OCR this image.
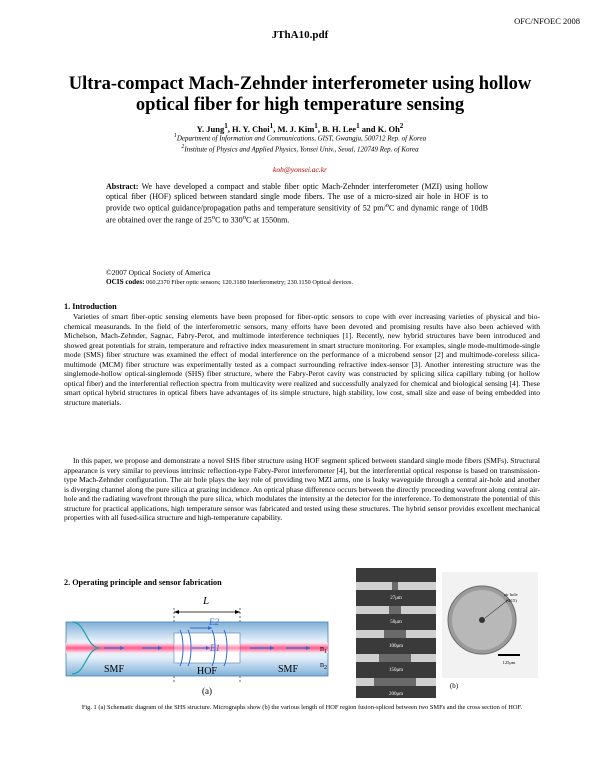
OFC/NFOEC 2008
JThA10.pdf
Ultra-compact Mach-Zehnder interferometer using hollow
optical fiber for high temperature sensing
Y. Jung$^1$, H. Y. Choi$^1$, M. J. Kim$^1$, B. H. Lee$^1$ and K. Oh$^2$
$^1$Department of Information and Communications, GIST, Gwangju, 500712 Rep. of Korea
$^2$Institute of Physics and Applied Physics, Yonsei Univ., Seoul, 120749 Rep. of Korea
koh@yonsei.ac.kr
Abstract: We have developed a compact and stable fiber optic Mach-Zehnder interferometer (MZI) using hollow optical fiber (HOF) spliced between standard single mode fibers. The use of a micro-sized air hole in HOF is to provide two optical guidance/propagation paths and temperature sensitivity of 52 pm/$^o$C and dynamic range of 10dB are obtained over the range of 25$^o$C to 330$^o$C at 1550nm.
©2007 Optical Society of America
OCIS codes: 060.2370 Fiber optic sensors; 120.3180 Interferometry; 230.1150 Optical devices.
1. Introduction

Varieties of smart fiber-optic sensing elements have been proposed for fiber-optic sensors to cope with ever increasing varieties of physical and bio-chemical measurands. In the field of the interferometric sensors, many efforts have been devoted and promising results have also been achieved with Michelson, Mach-Zehnder, Sagnac, Fabry-Perot, and multimode interference techniques [1]. Recently, new hybrid structures have been introduced and showed great potentials for strain, temperature and refractive index measurement in smart structure monitoring. For examples, single mode-multimode-single mode (SMS) fiber structure was examined the effect of modal interference on the performance of a microbend sensor [2] and multimode-coreless silica-multimode (MCM) fiber structure was experimentally tested as a compact surrounding refractive index-sensor [3]. Another interesting structure was the singlemode-hollow optical-singlemode (SHS) fiber structure, where the Fabry-Perot cavity was constructed by splicing silica capillary tubing (or hollow optical fiber) and the interferential reflection spectra from multicavity were realized and successfully analyzed for chemical and biological sensing [4]. These smart optical hybrid structures in optical fibers have advantages of its simple structure, high stability, low cost, small size and ease of being embedded into structure materials.

In this paper, we propose and demonstrate a novel SHS fiber structure using HOF segment spliced between standard single mode fibers (SMFs). Structural appearance is very similar to previous intrinsic reflection-type Fabry-Perot interferometer [4], but the interferential optical response is based on transmission-type Mach-Zehnder configuration. The air hole plays the key role of providing two MZI arms, one is leaky waveguide through a central air-hole and another is diverging channel along the pure silica at grazing incidence. An optical phase difference occurs between the directly proceeding wavefront along central air-hole and the radiating wavefront through the pure silica, which modulates the intensity at the detector for the interference. To demonstrate the potential of this structure for practical applications, high temperature sensor was fabricated and tested using these structures. The hybrid sensor provides excellent mechanical properties with all fused-silica structure and high-temperature capability.

2. Operating principle and sensor fabrication
L
E2
E1
SMF	HOF	SMF
$n_1$
$n_2$
(a)
27μm
50μm
100μm
150μm
200μm
air hole
(Φ15)
125μm
(b)
Fig. 1 (a) Schematic diagram of the SHS structure. Micrographs show (b) the various length of HOF region fusion-spliced between two SMFs and the cross section of HOF.
